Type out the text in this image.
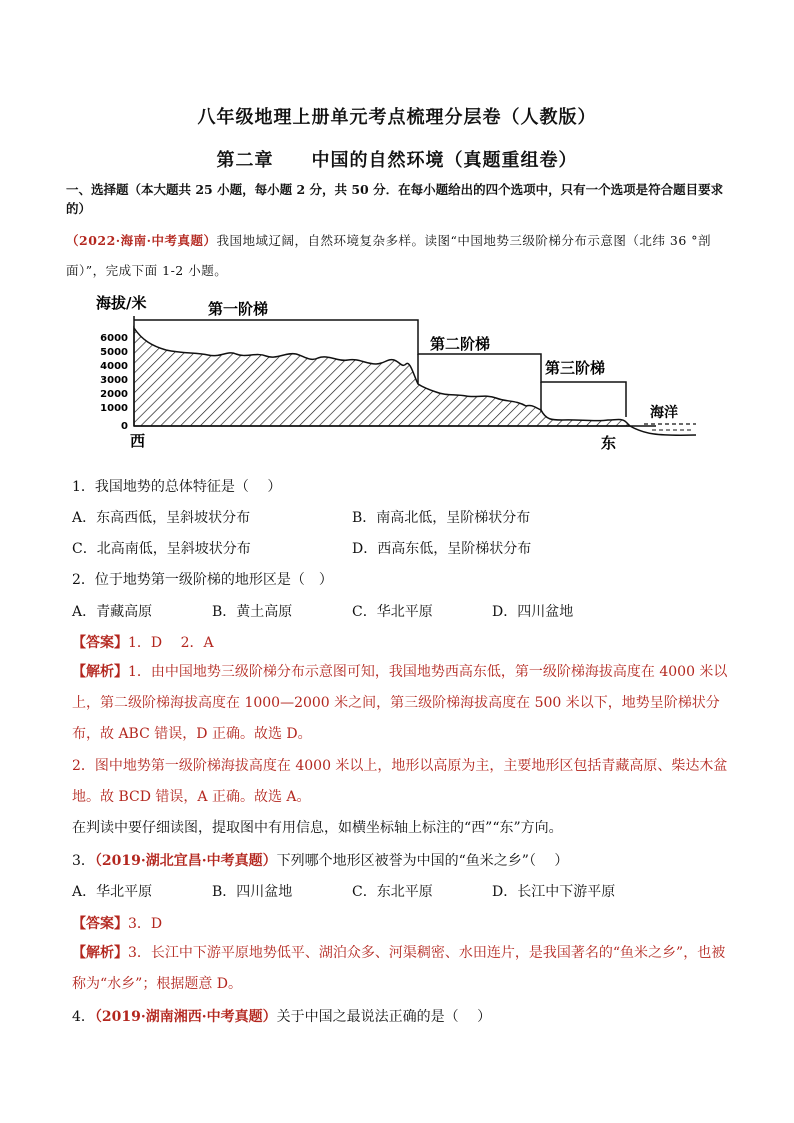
八年级地理上册单元考点梳理分层卷（人教版）
第二章　　中国的自然环境（真题重组卷）
一、选择题（本大题共 25 小题，每小题 2 分，共 50 分．在每小题给出的四个选项中，只有一个选项是符合题目要求的）
（2022·海南·中考真题）我国地域辽阔，自然环境复杂多样。读图“中国地势三级阶梯分布示意图（北纬 36 °剖面）”，完成下面 1-2 小题。
海拔/米
6000
5000
4000
3000
2000
1000
0
第一阶梯
第二阶梯
第三阶梯
海洋
西	东
1．我国地势的总体特征是（　 ）
A．东高西低，呈斜坡状分布	B．南高北低，呈阶梯状分布
C．北高南低，呈斜坡状分布	D．西高东低，呈阶梯状分布
2．位于地势第一级阶梯的地形区是（　）
A．青藏高原	B．黄土高原	C．华北平原	D．四川盆地
【答案】1．D　 2．A
【解析】1．由中国地势三级阶梯分布示意图可知，我国地势西高东低，第一级阶梯海拔高度在 4000 米以上，第二级阶梯海拔高度在 1000—2000 米之间，第三级阶梯海拔高度在 500 米以下，地势呈阶梯状分布，故 ABC 错误，D 正确。故选 D。
2．图中地势第一级阶梯海拔高度在 4000 米以上，地形以高原为主，主要地形区包括青藏高原、柴达木盆地。故 BCD 错误，A 正确。故选 A。
在判读中要仔细读图，提取图中有用信息，如横坐标轴上标注的“西”“东”方向。
3．（2019·湖北宜昌·中考真题）下列哪个地形区被誉为中国的“鱼米之乡”（　 ）
A．华北平原	B．四川盆地	C．东北平原	D．长江中下游平原
【答案】3．D
【解析】3．长江中下游平原地势低平、湖泊众多、河渠稠密、水田连片，是我国著名的“鱼米之乡”，也被称为“水乡”；根据题意 D。
4．（2019·湖南湘西·中考真题）关于中国之最说法正确的是（　 ）
